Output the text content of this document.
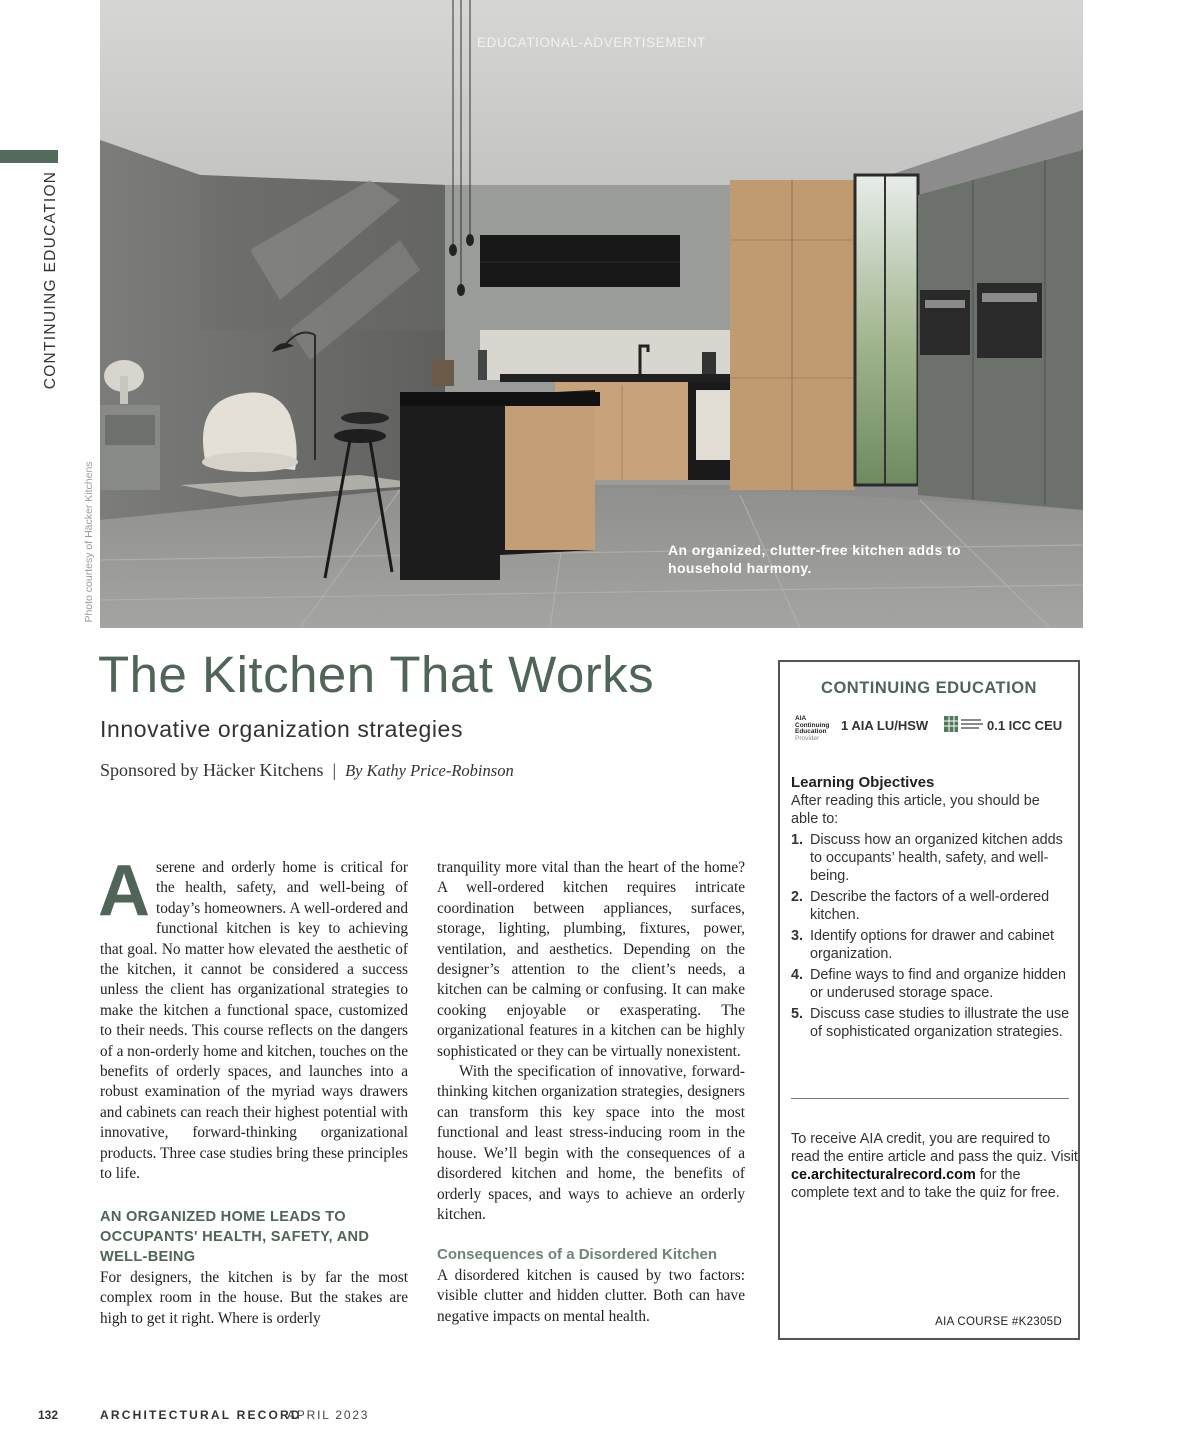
CONTINUING EDUCATION
Photo courtesy of Häcker Kitchens
EDUCATIONAL-ADVERTISEMENT
An organized, clutter-free kitchen adds to household harmony.
The Kitchen That Works
Innovative organization strategies
Sponsored by Häcker Kitchens | By Kathy Price-Robinson

Aserene and orderly home is critical for the health, safety, and well-being of today’s homeowners. A well-ordered and functional kitchen is key to achieving that goal. No matter how elevated the aesthetic of the kitchen, it cannot be considered a success unless the client has organizational strategies to make the kitchen a functional space, customized to their needs. This course reflects on the dangers of a non-orderly home and kitchen, touches on the benefits of orderly spaces, and launches into a robust examination of the myriad ways drawers and cabinets can reach their highest potential with innovative, forward-thinking organizational products. Three case studies bring these principles to life.

AN ORGANIZED HOME LEADS TO OCCUPANTS' HEALTH, SAFETY, AND WELL-BEING

For designers, the kitchen is by far the most complex room in the house. But the stakes are high to get it right. Where is orderly

tranquility more vital than the heart of the home? A well-ordered kitchen requires intricate coordination between appliances, surfaces, storage, lighting, plumbing, fixtures, power, ventilation, and aesthetics. Depending on the designer’s attention to the client’s needs, a kitchen can be calming or confusing. It can make cooking enjoyable or exasperating. The organizational features in a kitchen can be highly sophisticated or they can be virtually nonexistent.

With the specification of innovative, forward-thinking kitchen organization strategies, designers can transform this key space into the most functional and least stress-inducing room in the house. We’ll begin with the consequences of a disordered kitchen and home, the benefits of orderly spaces, and ways to achieve an orderly kitchen.

Consequences of a Disordered Kitchen

A disordered kitchen is caused by two factors: visible clutter and hidden clutter. Both can have negative impacts on mental health.

CONTINUING EDUCATION
AIA
Continuing
Education
Provider
1 AIA LU/HSW	0.1 ICC CEU
Learning Objectives
After reading this article, you should be able to:
1. Discuss how an organized kitchen adds to occupants’ health, safety, and well-being.
2. Describe the factors of a well-ordered kitchen.
3. Identify options for drawer and cabinet organization.
4. Define ways to find and organize hidden or underused storage space.
5. Discuss case studies to illustrate the use of sophisticated organization strategies.
To receive AIA credit, you are required to read the entire article and pass the quiz. Visit ce.architecturalrecord.com for the complete text and to take the quiz for free.
AIA COURSE #K2305D
132	ARCHITECTURAL RECORD
APRIL 2023
